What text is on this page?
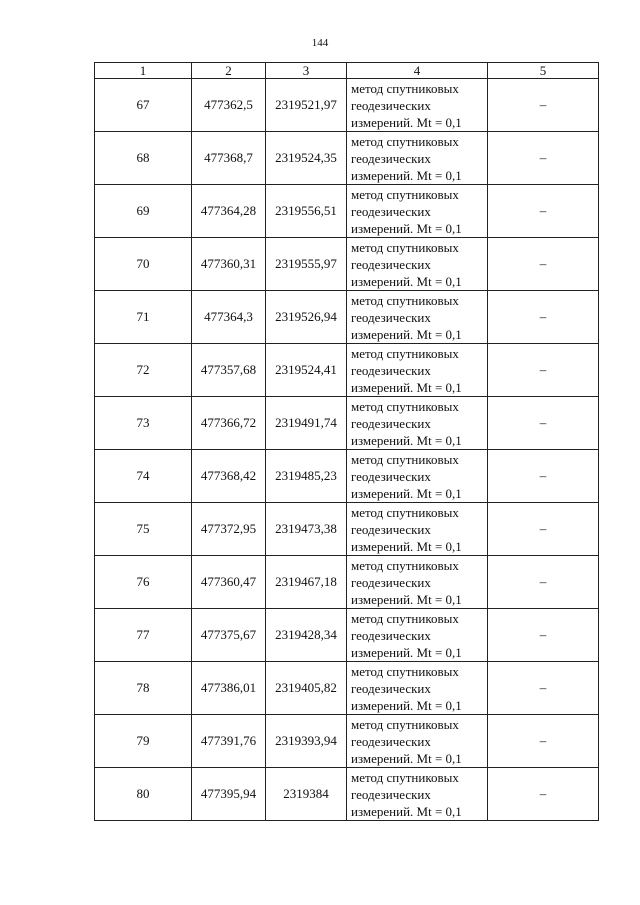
144
1	2	3	4	5
67	477362,5	2319521,97	метод спутниковых
геодезических
измерений. Mt = 0,1	–
68	477368,7	2319524,35	метод спутниковых
геодезических
измерений. Mt = 0,1	–
69	477364,28	2319556,51	метод спутниковых
геодезических
измерений. Mt = 0,1	–
70	477360,31	2319555,97	метод спутниковых
геодезических
измерений. Mt = 0,1	–
71	477364,3	2319526,94	метод спутниковых
геодезических
измерений. Mt = 0,1	–
72	477357,68	2319524,41	метод спутниковых
геодезических
измерений. Mt = 0,1	–
73	477366,72	2319491,74	метод спутниковых
геодезических
измерений. Mt = 0,1	–
74	477368,42	2319485,23	метод спутниковых
геодезических
измерений. Mt = 0,1	–
75	477372,95	2319473,38	метод спутниковых
геодезических
измерений. Mt = 0,1	–
76	477360,47	2319467,18	метод спутниковых
геодезических
измерений. Mt = 0,1	–
77	477375,67	2319428,34	метод спутниковых
геодезических
измерений. Mt = 0,1	–
78	477386,01	2319405,82	метод спутниковых
геодезических
измерений. Mt = 0,1	–
79	477391,76	2319393,94	метод спутниковых
геодезических
измерений. Mt = 0,1	–
80	477395,94	2319384	метод спутниковых
геодезических
измерений. Mt = 0,1	–
